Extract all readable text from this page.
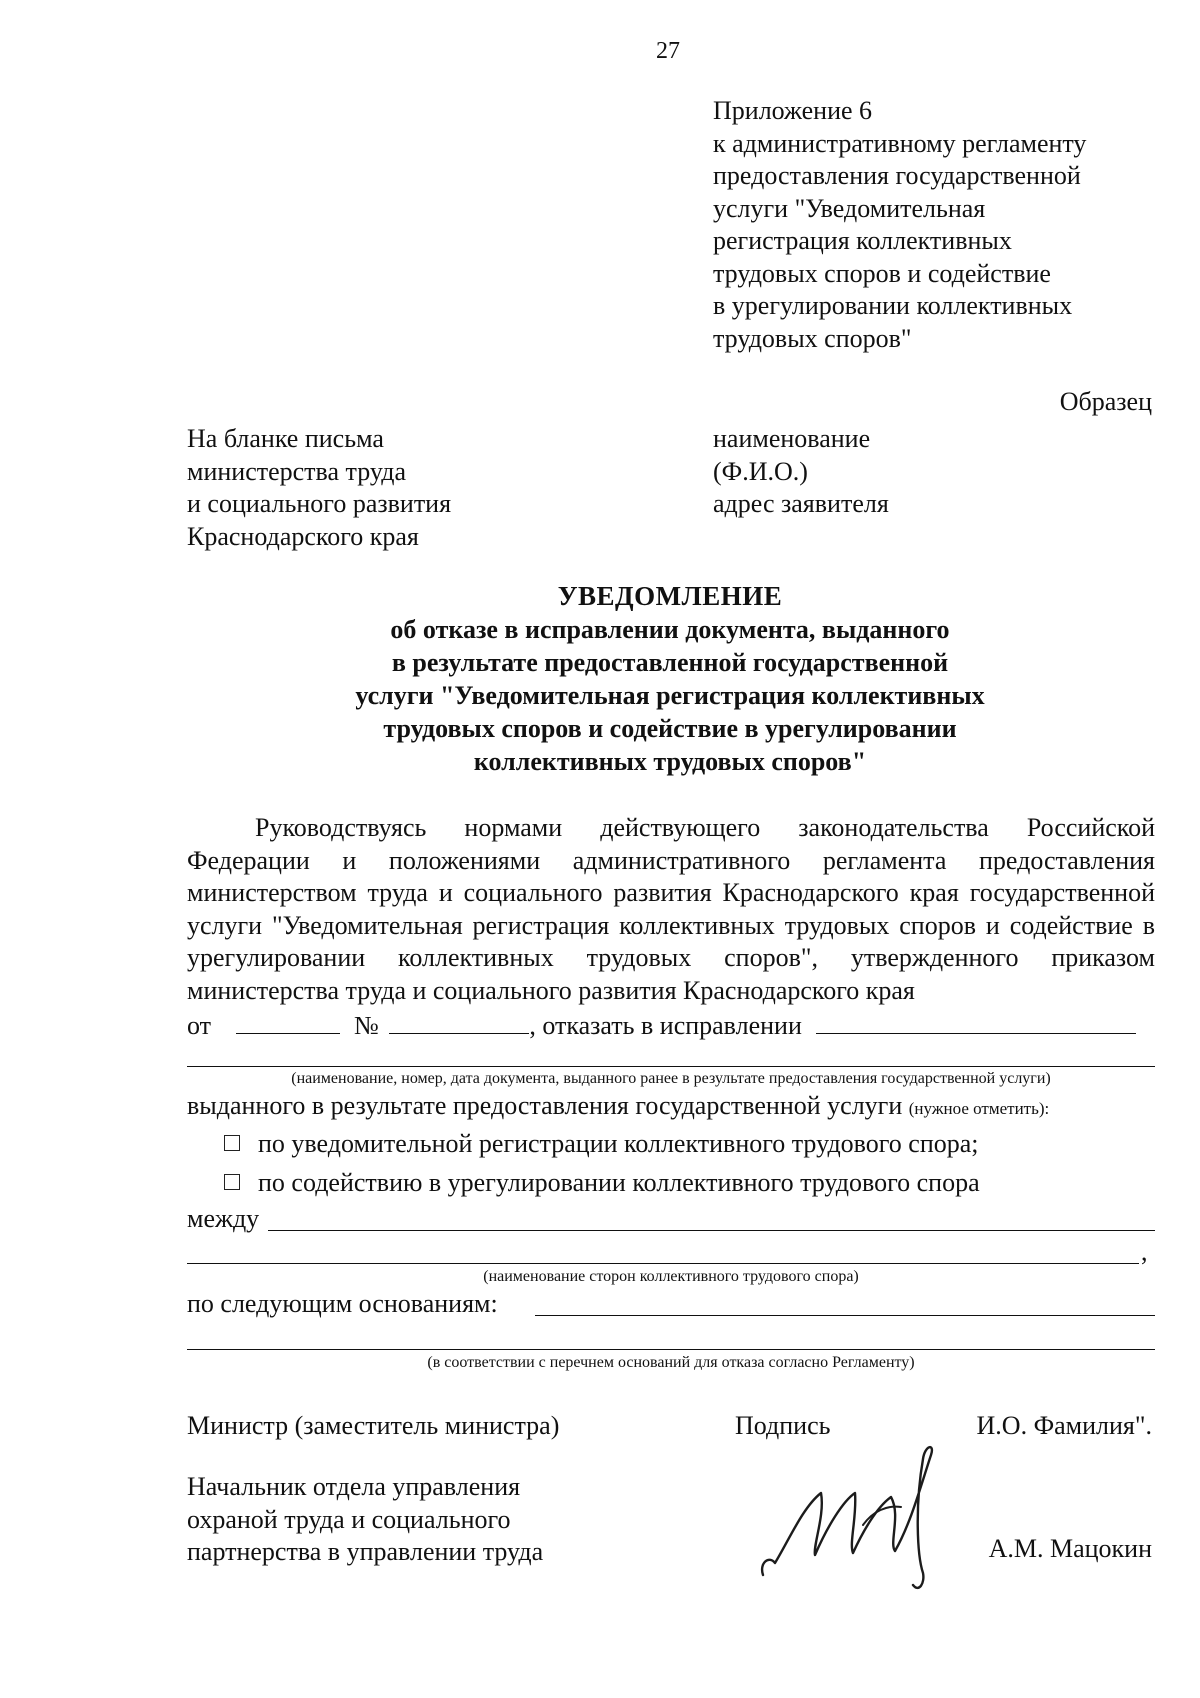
27
Приложение 6
к административному регламенту
предоставления государственной
услуги "Уведомительная
регистрация коллективных
трудовых споров и содействие
в урегулировании коллективных
трудовых споров"
Образец
На бланке письма
министерства труда
и социального развития
Краснодарского края
наименование
(Ф.И.О.)
адрес заявителя
УВЕДОМЛЕНИЕ
об отказе в исправлении документа, выданного
в результате предоставленной государственной
услуги "Уведомительная регистрация коллективных
трудовых споров и содействие в урегулировании
коллективных трудовых споров"

Руководствуясь нормами действующего законодательства Российской Федерации и положениями административного регламента предоставления министерством труда и социального развития Краснодарского края государственной услуги "Уведомительная регистрация коллективных трудовых споров и содействие в урегулировании коллективных трудовых споров", утвержденного приказом министерства труда и социального развития Краснодарского края

от	№	, отказать в исправлении
(наименование, номер, дата документа, выданного ранее в результате предоставления государственной услуги)
выданного в результате предоставления государственной услуги (нужное отметить):
по уведомительной регистрации коллективного трудового спора;
по содействию в урегулировании коллективного трудового спора
между
,
(наименование сторон коллективного трудового спора)
по следующим основаниям:
(в соответствии с перечнем оснований для отказа согласно Регламенту)
Министр (заместитель министра)	Подпись	И.О. Фамилия".
Начальник отдела управления
охраной труда и социального
партнерства в управлении труда	А.М. Мацокин
